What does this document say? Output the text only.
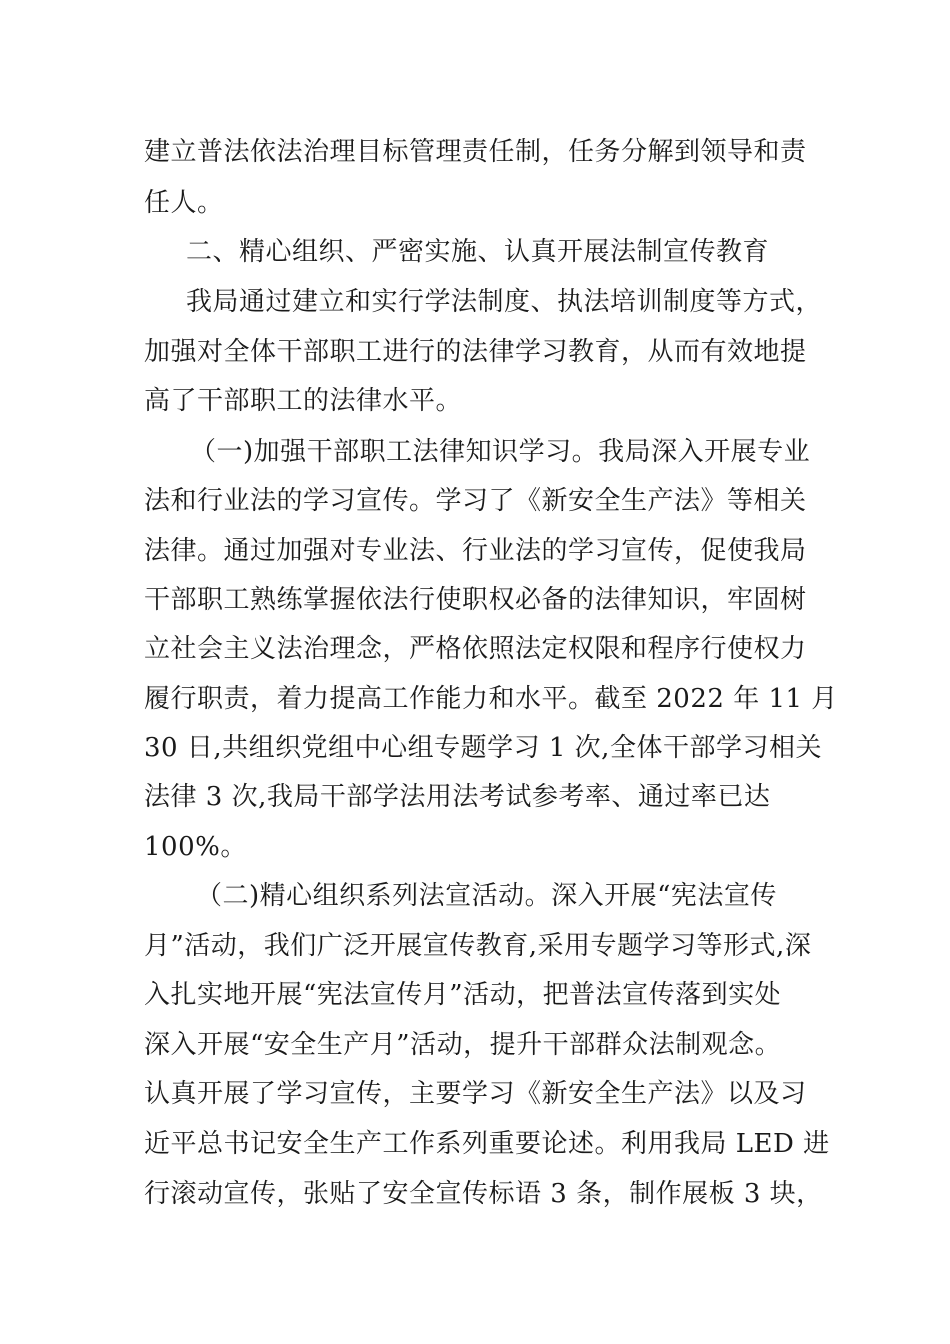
建立普法依法治理目标管理责任制，任务分解到领导和责
任人。
二、精心组织、严密实施、认真开展法制宣传教育
我局通过建立和实行学法制度、执法培训制度等方式，
加强对全体干部职工进行的法律学习教育，从而有效地提
高了干部职工的法律水平。
（一)加强干部职工法律知识学习。我局深入开展专业
法和行业法的学习宣传。学习了《新安全生产法》等相关
法律。通过加强对专业法、行业法的学习宣传，促使我局
干部职工熟练掌握依法行使职权必备的法律知识，牢固树
立社会主义法治理念，严格依照法定权限和程序行使权力
履行职责，着力提高工作能力和水平。截至 2022 年 11 月
30 日,共组织党组中心组专题学习 1 次,全体干部学习相关
法律 3 次,我局干部学法用法考试参考率、通过率已达
100%。
（二)精心组织系列法宣活动。深入开展“宪法宣传
月”活动，我们广泛开展宣传教育,采用专题学习等形式,深
入扎实地开展“宪法宣传月”活动，把普法宣传落到实处
深入开展“安全生产月”活动，提升干部群众法制观念。
认真开展了学习宣传，主要学习《新安全生产法》以及习
近平总书记安全生产工作系列重要论述。利用我局 LED 进
行滚动宣传，张贴了安全宣传标语 3 条，制作展板 3 块，
